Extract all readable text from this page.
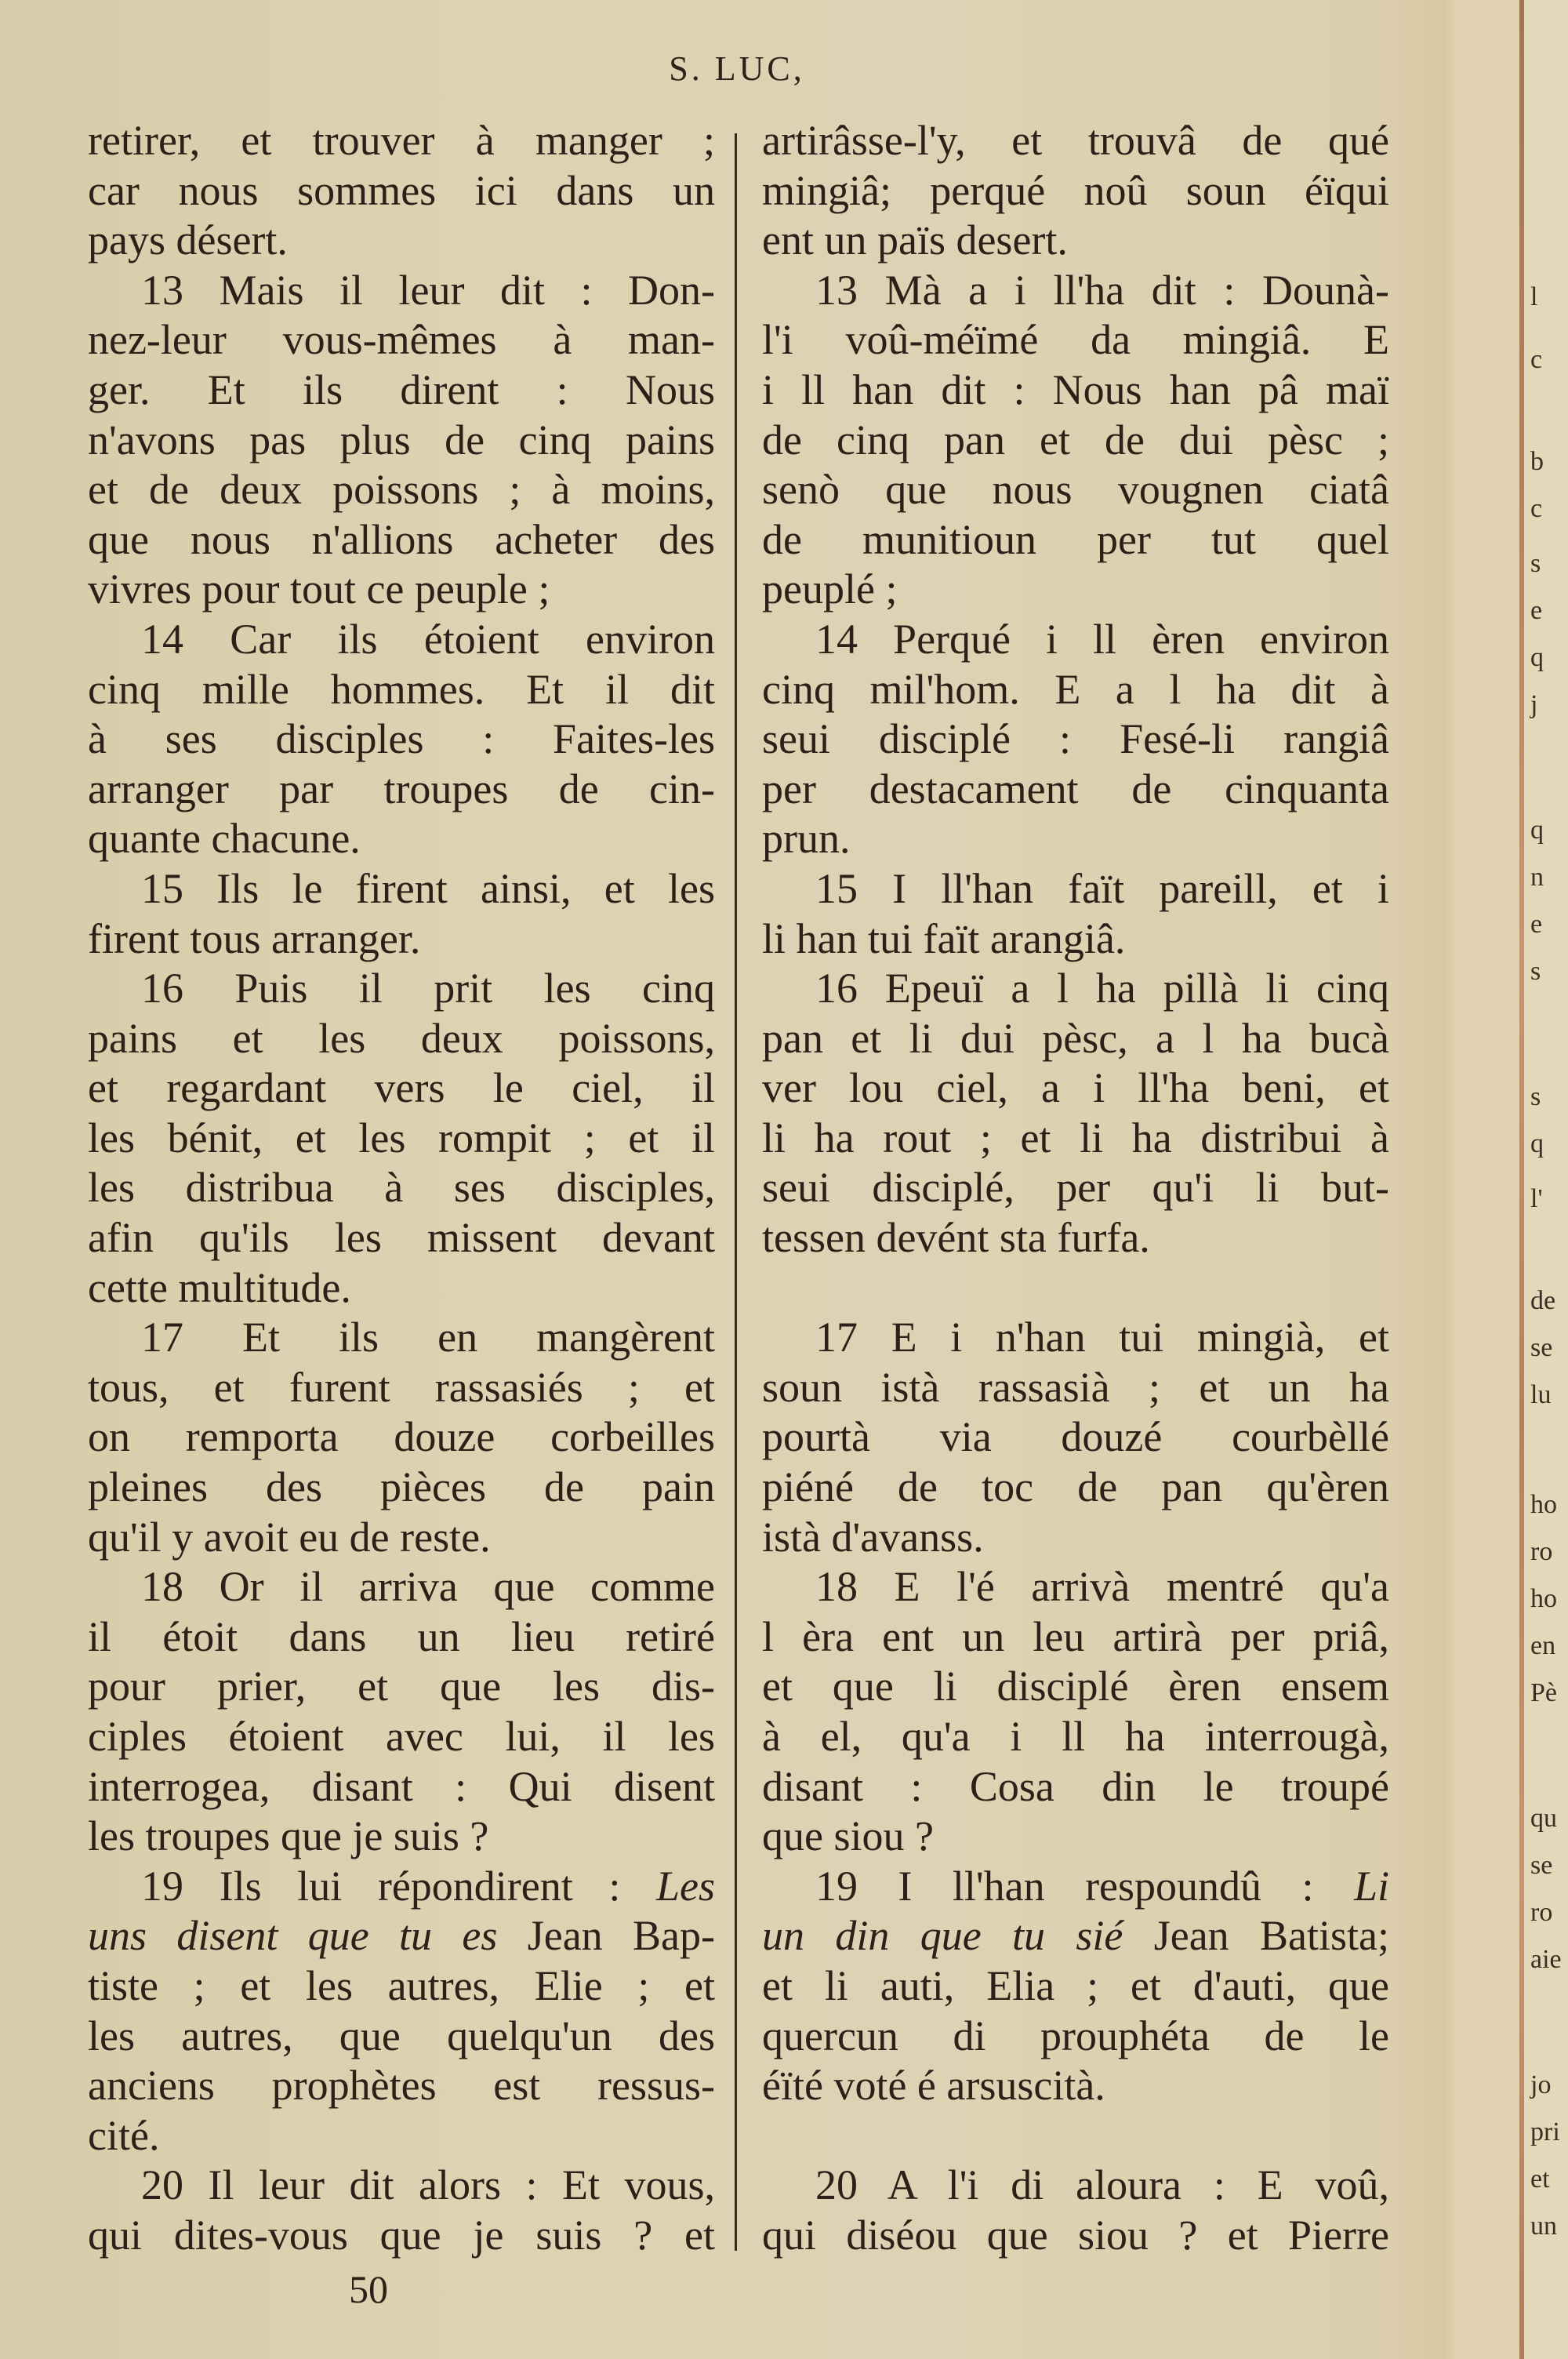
S. LUC,
retirer, et trouver à manger ;
car nous sommes ici dans un
pays désert.
13 Mais il leur dit : Don-
nez-leur vous-mêmes à man-
ger. Et ils dirent : Nous
n'avons pas plus de cinq pains
et de deux poissons ; à moins,
que nous n'allions acheter des
vivres pour tout ce peuple ;
14 Car ils étoient environ
cinq mille hommes. Et il dit
à ses disciples : Faites-les
arranger par troupes de cin-
quante chacune.
15 Ils le firent ainsi, et les
firent tous arranger.
16 Puis il prit les cinq
pains et les deux poissons,
et regardant vers le ciel, il
les bénit, et les rompit ; et il
les distribua à ses disciples,
afin qu'ils les missent devant
cette multitude.
17 Et ils en mangèrent
tous, et furent rassasiés ; et
on remporta douze corbeilles
pleines des pièces de pain
qu'il y avoit eu de reste.
18 Or il arriva que comme
il étoit dans un lieu retiré
pour prier, et que les dis-
ciples étoient avec lui, il les
interrogea, disant : Qui disent
les troupes que je suis ?
19 Ils lui répondirent : Les
uns disent que tu es Jean Bap-
tiste ; et les autres, Elie ; et
les autres, que quelqu'un des
anciens prophètes est ressus-
cité.
20 Il leur dit alors : Et vous,
qui dites-vous que je suis ? et
artirâsse-l'y, et trouvâ de qué
mingiâ; perqué noû soun éïqui
ent un païs desert.
13 Mà a i ll'ha dit : Dounà-
l'i voû-méïmé da mingiâ. E
i ll han dit : Nous han pâ maï
de cinq pan et de dui pèsc ;
senò que nous vougnen ciatâ
de munitioun per tut quel
peuplé ;
14 Perqué i ll èren environ
cinq mil'hom. E a l ha dit à
seui disciplé : Fesé-li rangiâ
per destacament de cinquanta
prun.
15 I ll'han faït pareill, et i
li han tui faït arangiâ.
16 Epeuï a l ha pillà li cinq
pan et li dui pèsc, a l ha bucà
ver lou ciel, a i ll'ha beni, et
li ha rout ; et li ha distribui à
seui disciplé, per qu'i li but-
tessen devént sta furfa.
17 E i n'han tui mingià, et
soun istà rassasià ; et un ha
pourtà via douzé courbèllé
piéné de toc de pan qu'èren
istà d'avanss.
18 E l'é arrivà mentré qu'a
l èra ent un leu artirà per priâ,
et que li disciplé èren ensem
à el, qu'a i ll ha interrougà,
disant : Cosa din le troupé
que siou ?
19 I ll'han respoundû : Li
un din que tu sié Jean Batista;
et li auti, Elia ; et d'auti, que
quercun di prouphéta de le
éïté voté é arsuscità.
20 A l'i di aloura : E voû,
qui diséou que siou ? et Pierre
50
l
c
b
c
s
e
q
j
q
n
e
s
s
q
l'
de
se
lu
ho
ro
ho
en
Pè
qu
se
ro
aie
jo
pri
et
un
